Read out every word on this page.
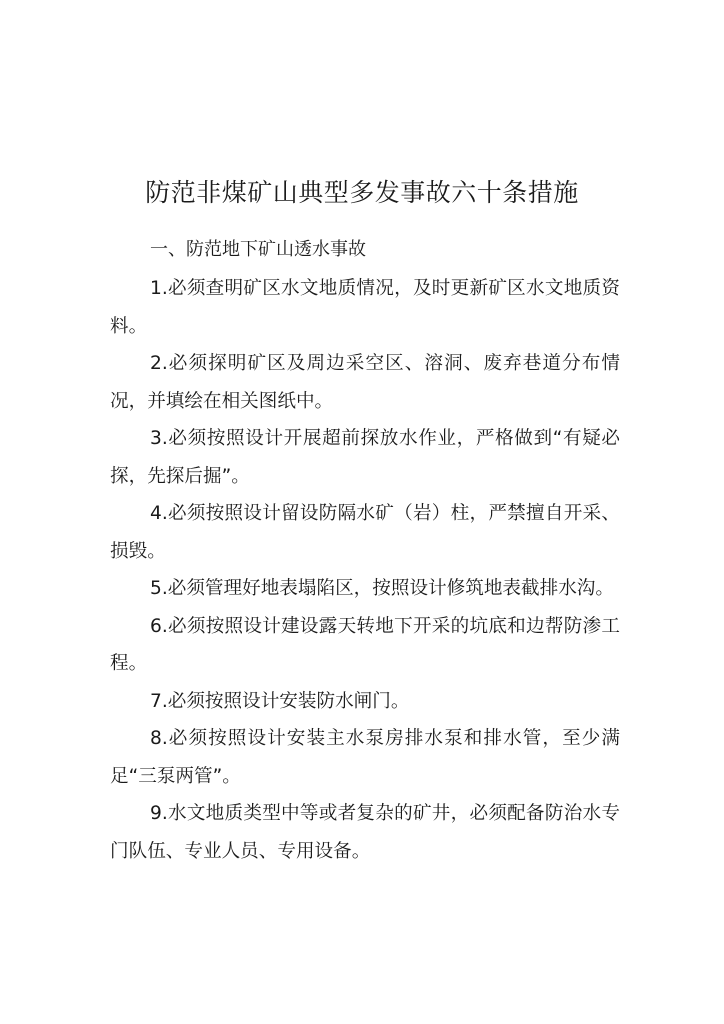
防范非煤矿山典型多发事故六十条措施
一、防范地下矿山透水事故

1.必须查明矿区水文地质情况，及时更新矿区水文地质资料。

2.必须探明矿区及周边采空区、溶洞、废弃巷道分布情况，并填绘在相关图纸中。

3.必须按照设计开展超前探放水作业，严格做到“有疑必探，先探后掘”。

4.必须按照设计留设防隔水矿（岩）柱，严禁擅自开采、损毁。

5.必须管理好地表塌陷区，按照设计修筑地表截排水沟。

6.必须按照设计建设露天转地下开采的坑底和边帮防渗工程。

7.必须按照设计安装防水闸门。

8.必须按照设计安装主水泵房排水泵和排水管，至少满足“三泵两管”。

9.水文地质类型中等或者复杂的矿井，必须配备防治水专门队伍、专业人员、专用设备。
